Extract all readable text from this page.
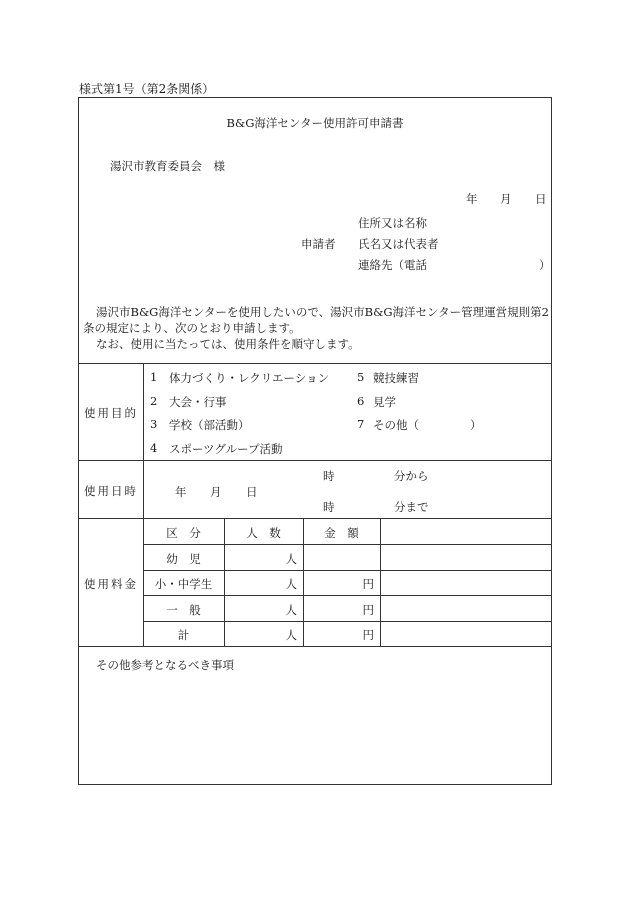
様式第1号（第2条関係）
B&G海洋センター使用許可申請書
湯沢市教育委員会　様
年 月 日
住所又は名称
申請者 氏名又は代表者
連絡先（電話	）
湯沢市B&G海洋センターを使用したいので、湯沢市B&G海洋センター管理運営規則第2
条の規定により、次のとおり申請します。
なお、使用に当たっては、使用条件を順守します。
使用目的
1 体力づくり・レクリエーション
2 大会・行事
3 学校（部活動）
4 スポーツグループ活動
5 競技練習
6 見学
7 その他（	）
使用日時	年 月 日
時	分から
時	分まで
使用料金
区　分	人　数	金　額
幼　児	人
小・中学生	人	円
一　般	人	円
計	人	円
その他参考となるべき事項
